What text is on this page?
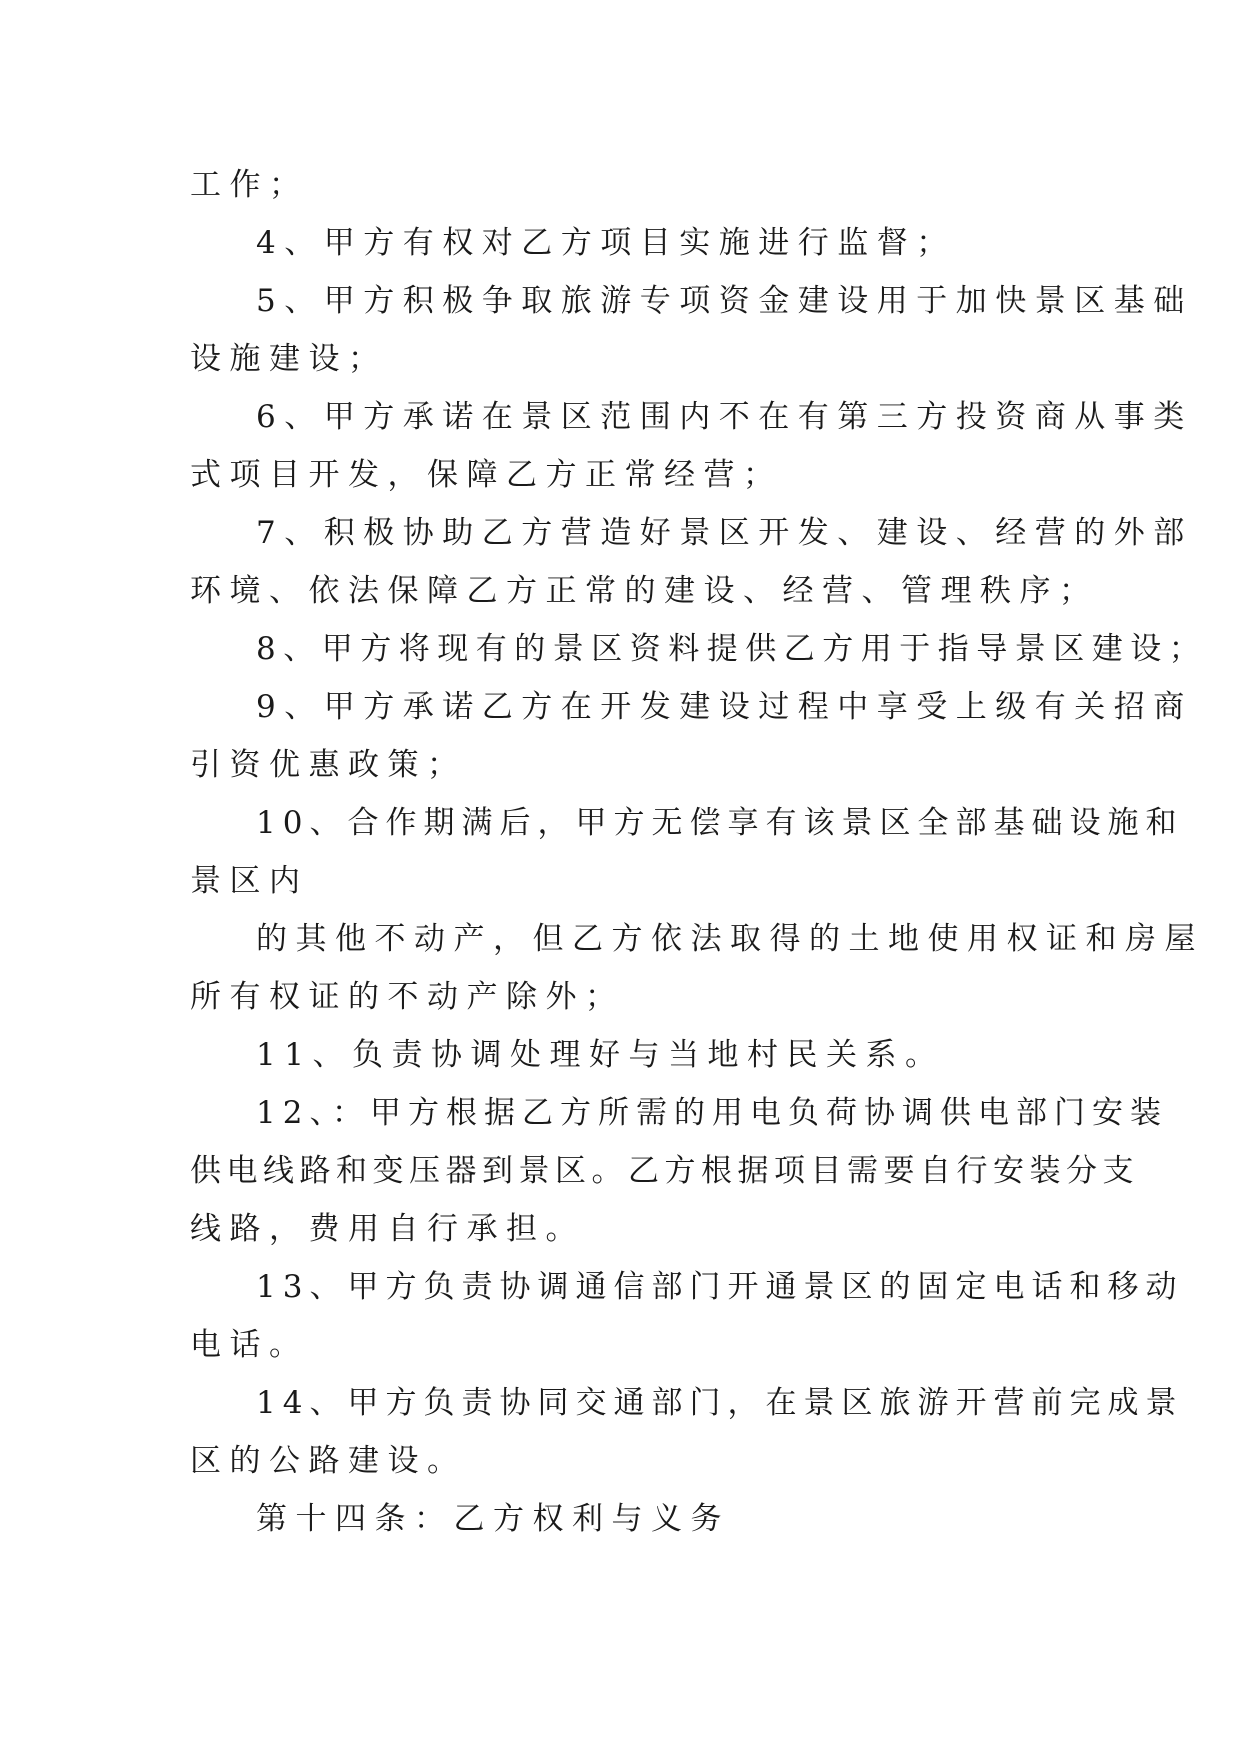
工作；
4、甲方有权对乙方项目实施进行监督；
5、甲方积极争取旅游专项资金建设用于加快景区基础
设施建设；
6、甲方承诺在景区范围内不在有第三方投资商从事类
式项目开发，保障乙方正常经营；
7、积极协助乙方营造好景区开发、建设、经营的外部
环境、依法保障乙方正常的建设、经营、管理秩序；
8、甲方将现有的景区资料提供乙方用于指导景区建设；
9、甲方承诺乙方在开发建设过程中享受上级有关招商
引资优惠政策；
10、合作期满后，甲方无偿享有该景区全部基础设施和
景区内
的其他不动产，但乙方依法取得的土地使用权证和房屋
所有权证的不动产除外；
11、负责协调处理好与当地村民关系。
12、：甲方根据乙方所需的用电负荷协调供电部门安装
供电线路和变压器到景区。乙方根据项目需要自行安装分支
线路，费用自行承担。
13、甲方负责协调通信部门开通景区的固定电话和移动
电话。
14、甲方负责协同交通部门，在景区旅游开营前完成景
区的公路建设。
第十四条：乙方权利与义务
